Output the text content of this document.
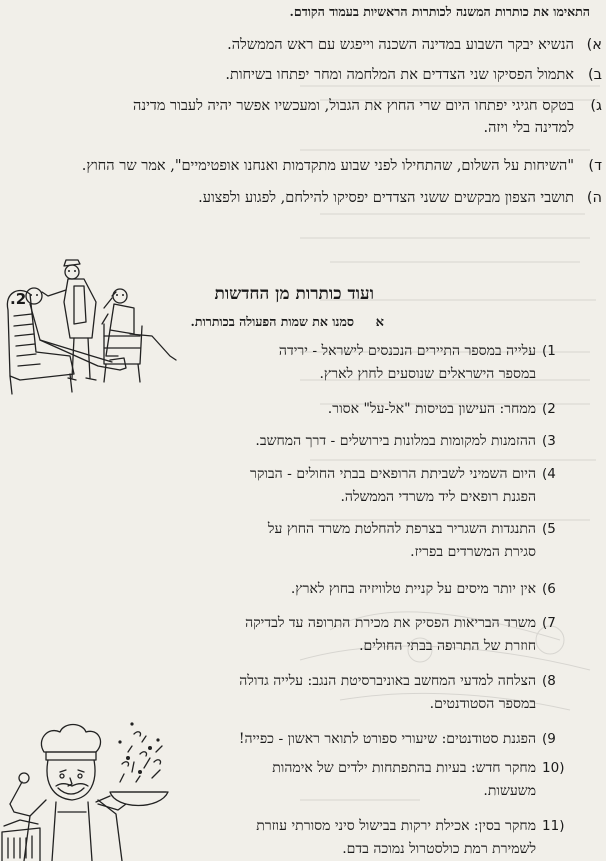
התאימו את כותרות המשנה לכותרות הראשיות בעמוד הקודם.
א)
הנשיא יבקר השבוע במדינה השכנה וייפגש עם ראש הממשלה.
ב)
אתמול הפסיקו שני הצדדים את המלחמה ומחר יפתחו בשיחות.
ג)
בטקס חגיגי יפתחו היום שרי החוץ את הגבול, ומעכשיו אפשר יהיה לעבור מדינה
למדינה בלי ויזה.
ד)
"השיחות על השלום, שהתחילו לפני שבוע מתקדמות ואנחנו אופטימיים", אמר שר החוץ.
ה)
תושבי הצפון מבקשים ששני הצדדים יפסיקו להילחם, לפגוע ולפצוע.
.2	ועוד כותרות מן החדשות
א
סמנו את שמות הפעולה בכותרות.
1)
עלייה במספר התיירים הנכנסים לישראל - ירידה
במספר הישראלים שנוסעים לחוץ לארץ.
2)
ממחר: העישון בטיסות "אל-על" אסור.
3)
ההזמנות למקומות במלונות בירושלים - דרך המחשב.
4)
היום השמיני לשביתת הרופאים בבתי החולים - הבוקר
הפגנת רופאים ליד משרדי הממשלה.
5)
התנגדות השגריר בצרפת להחלטת משרד החוץ על
סגירת המשרדים בפריז.
6)
אין יותר מיסים על קניית טלוויזיה בחוץ לארץ.
7)
משרד הבריאות הפסיק את מכירת התרופה עד לבדיקה
חוזרת של התרופה בבתי החולים.
8)
הצלחה למדעי המחשב באוניברסיטת הנגב: עלייה גדולה
במספר הסטודנטים.
9)
הפגנת סטודנטים: שיעורי ספורט לתואר ראשון - כפייה!
(10
מחקר חדש: בעיות בהתפתחות ילדים של אימהות
משעשות.
(11
מחקר בסין: אכילת ירקות בבישול סיני מסורתי עוזרת
לשמירת רמת כולסטרול נמוכה בדם.
